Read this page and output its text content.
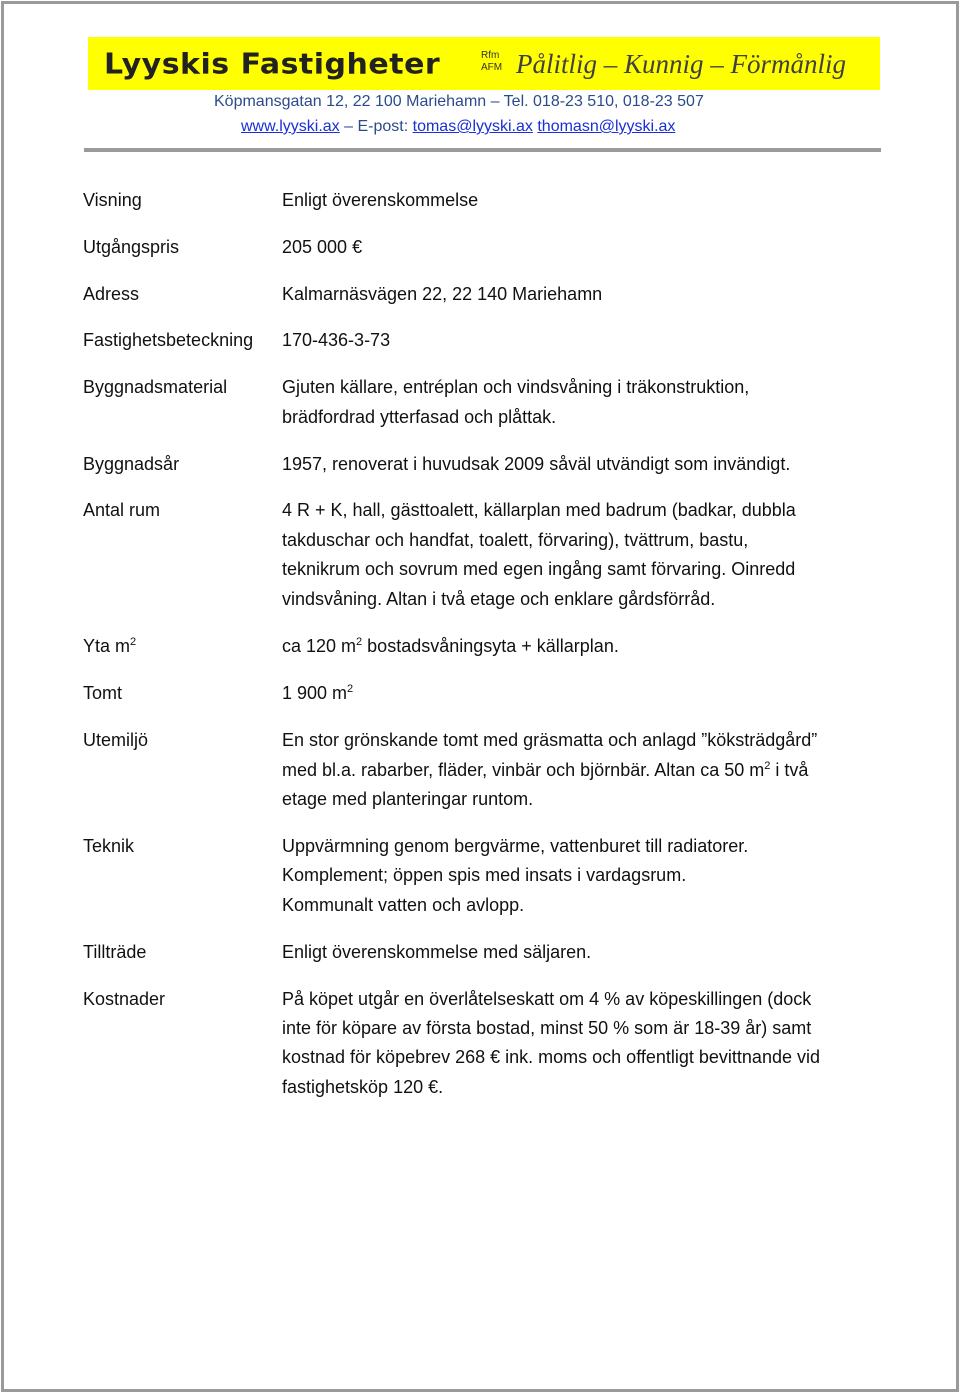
Lyyskis Fastigheter	Rfm
AFM Pålitlig – Kunnig – Förmånlig
Köpmansgatan 12, 22 100 Mariehamn – Tel. 018-23 510, 018-23 507
www.lyyski.ax – E-post: tomas@lyyski.ax thomasn@lyyski.ax
Visning	Enligt överenskommelse
Utgångspris	205 000 €
Adress	Kalmarnäsvägen 22, 22 140 Mariehamn
Fastighetsbeteckning 170-436-3-73
Byggnadsmaterial	Gjuten källare, entréplan och vindsvåning i träkonstruktion,
brädfordrad ytterfasad och plåttak.
Byggnadsår	1957, renoverat i huvudsak 2009 såväl utvändigt som invändigt.
Antal rum	4 R + K, hall, gästtoalett, källarplan med badrum (badkar, dubbla
takduschar och handfat, toalett, förvaring), tvättrum, bastu,
teknikrum och sovrum med egen ingång samt förvaring. Oinredd
vindsvåning. Altan i två etage och enklare gårdsförråd.
Yta $m^2$	ca 120 $m^2$ bostadsvåningsyta + källarplan.
Tomt	1 900 $m^2$
Utemiljö	En stor grönskande tomt med gräsmatta och anlagd ”köksträdgård”
med bl.a. rabarber, fläder, vinbär och björnbär. Altan ca 50 $m^2$ i två
etage med planteringar runtom.
Teknik	Uppvärmning genom bergvärme, vattenburet till radiatorer.
Komplement; öppen spis med insats i vardagsrum.
Kommunalt vatten och avlopp.
Tillträde	Enligt överenskommelse med säljaren.
Kostnader	På köpet utgår en överlåtelseskatt om 4 % av köpeskillingen (dock
inte för köpare av första bostad, minst 50 % som är 18-39 år) samt
kostnad för köpebrev 268 € ink. moms och offentligt bevittnande vid
fastighetsköp 120 €.
